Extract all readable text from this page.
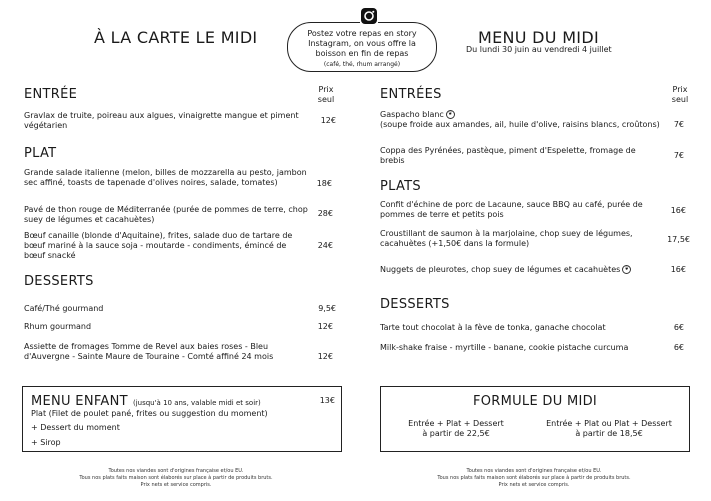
À LA CARTE LE MIDI	Postez votre repas en story Instagram, on vous offre la boisson en fin de repas
(café, thé, rhum arrangé)
MENU DU MIDI
Du lundi 30 juin au vendredi 4 juillet
ENTRÉE	Prix seul
Gravlax de truite, poireau aux algues, vinaigrette mangue et piment végétarien
12€
PLAT
Grande salade italienne (melon, billes de mozzarella au pesto, jambon sec affiné, toasts de tapenade d'olives noires, salade, tomates)	18€
Pavé de thon rouge de Méditerranée (purée de pommes de terre, chop suey de légumes et cacahuètes)
28€
Bœuf canaille (blonde d'Aquitaine), frites, salade duo de tartare de bœuf mariné à la sauce soja - moutarde - condiments, émincé de bœuf snacké
24€
DESSERTS
Café/Thé gourmand	9,5€
Rhum gourmand	12€
Assiette de fromages Tomme de Revel aux baies roses - Bleu d'Auvergne - Sainte Maure de Touraine - Comté affiné 24 mois	12€
MENU ENFANT (jusqu'à 10 ans, valable midi et soir)	13€
Plat (Filet de poulet pané, frites ou suggestion du moment)
+ Dessert du moment
+ Sirop
Toutes nos viandes sont d'origines française et/ou EU.
Tous nos plats faits maison sont élaborés sur place à partir de produits bruts.
Prix nets et service compris.
ENTRÉES	Prix seul
Gaspacho blanc ❦
(soupe froide aux amandes, ail, huile d'olive, raisins blancs, croûtons)	7€
Coppa des Pyrénées, pastèque, piment d'Espelette, fromage de brebis
7€
PLATS
Confit d'échine de porc de Lacaune, sauce BBQ au café, purée de pommes de terre et petits pois	16€
Croustillant de saumon à la marjolaine, chop suey de légumes, cacahuètes (+1,50€ dans la formule)	17,5€
Nuggets de pleurotes, chop suey de légumes et cacahuètes ❦	16€
DESSERTS
Tarte tout chocolat à la fève de tonka, ganache chocolat	6€
Milk-shake fraise - myrtille - banane, cookie pistache curcuma	6€
FORMULE DU MIDI
Entrée + Plat + Dessert
à partir de 22,5€
Entrée + Plat ou Plat + Dessert
à partir de 18,5€
Toutes nos viandes sont d'origines française et/ou EU.
Tous nos plats faits maison sont élaborés sur place à partir de produits bruts.
Prix nets et service compris.
